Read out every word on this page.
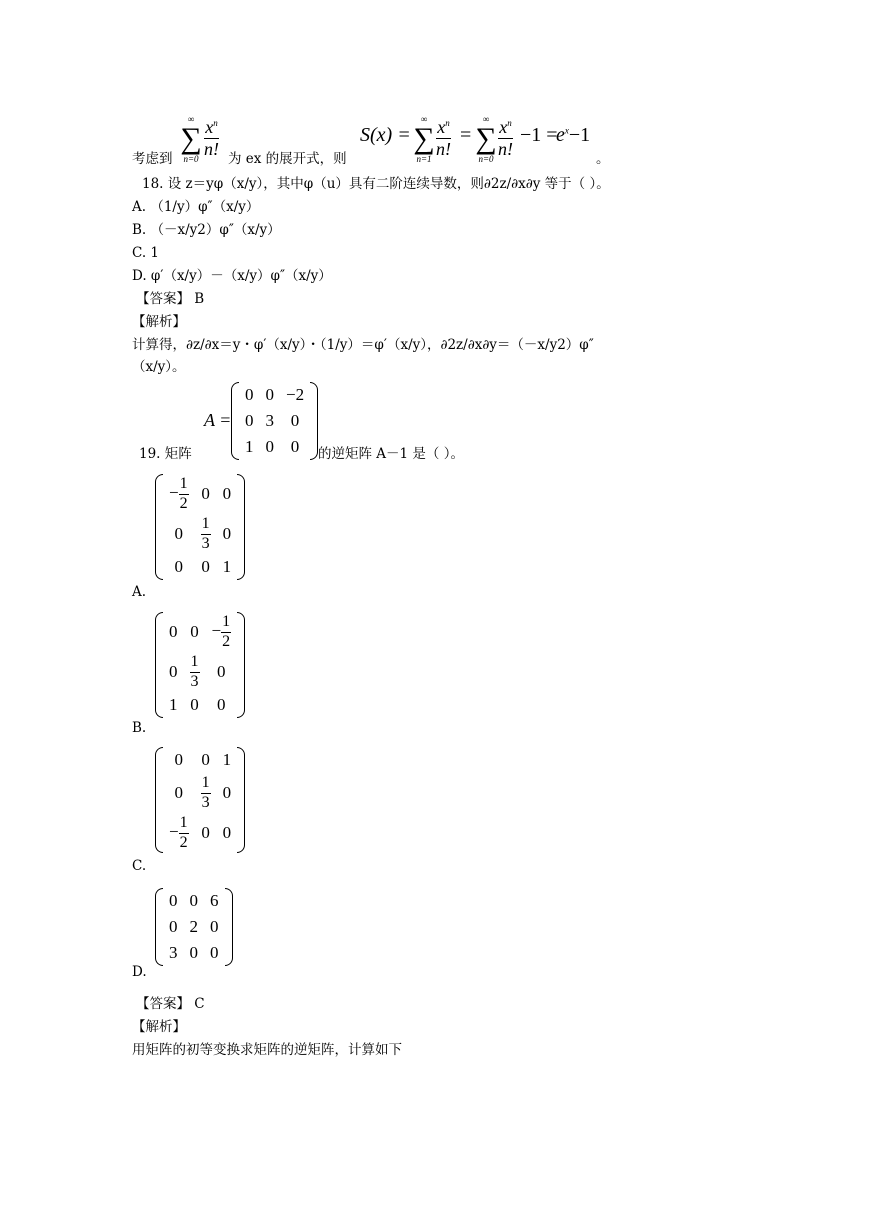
考虑到
∞
∑
$n=0 \frac{x^n}{n!}$ 为 ex 的展开式，则
S(x) =
∞
∑
$n=1 \frac{x^n}{n!}$ =
∞
∑
$n=0 \frac{x^n}{n!} -1$ =
$e^x-1$
。
18. 设 z＝yφ（x/y），其中φ（u）具有二阶连续导数，则∂2z/∂x∂y 等于（ ）。
A. （1/y）φ″（x/y）
B. （－x/y2）φ″（x/y）
C. 1
D. φ′（x/y）－（x/y）φ″（x/y）
【答案】 B
【解析】
计算得，∂z/∂x＝y・φ′（x/y）・（1/y）＝φ′（x/y），∂2z/∂x∂y＝（－x/y2）φ″
（x/y）。
A =
0	0	−2
0	3	0
1	0	0
19. 矩阵	的逆矩阵 A－1 是（ ）。
− $\frac{1}{2}$	0	0
0	$\frac{1}{3}$	0
0	0	1
A.
0	0	− $\frac{1}{2}$

0	$\frac{1}{3}$	0
1	0	0
B.
0	0	1
0	$\frac{1}{3}$	0
− $\frac{1}{2}$	0	0
C.
0	0	6
0	2	0
3	0	0
D.
【答案】 C
【解析】
用矩阵的初等变换求矩阵的逆矩阵，计算如下
